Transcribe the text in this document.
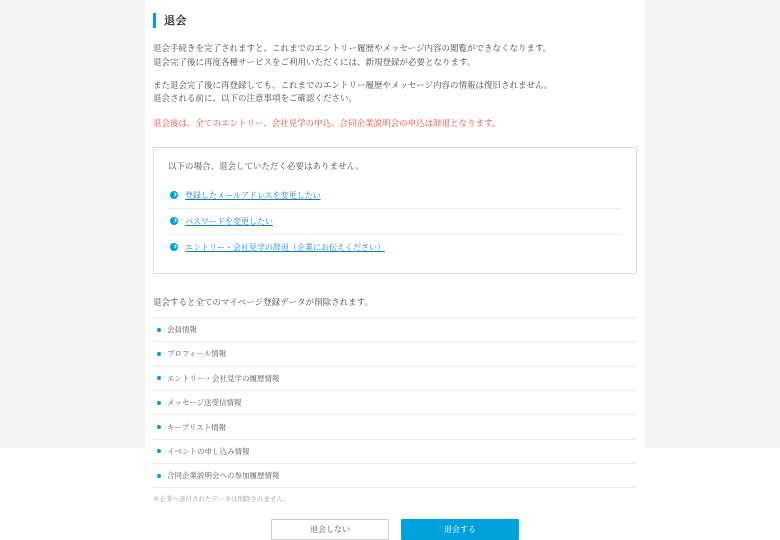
退会

退会手続きを完了されますと、これまでのエントリー履歴やメッセージ内容の閲覧ができなくなります。

退会完了後に再度各種サービスをご利用いただくには、新規登録が必要となります。

また退会完了後に再登録しても、これまでのエントリー履歴やメッセージ内容の情報は復旧されません。

退会される前に、以下の注意事項をご確認ください。

退会後は、全てのエントリー、会社見学の申込、合同企業説明会の申込は辞退となります。

以下の場合、退会していただく必要はありません。
登録したメールアドレスを変更したい
パスワードを変更したい
エントリー・会社見学の辞退（企業にお伝えください）
退会すると全てのマイページ登録データが削除されます。
会員情報
プロフィール情報
エントリー・会社見学の履歴情報
メッセージ送受信情報
キープリスト情報
イベントの申し込み情報
合同企業説明会への参加履歴情報
※企業へ送付されたデータは削除されません。
退会しない	退会する
